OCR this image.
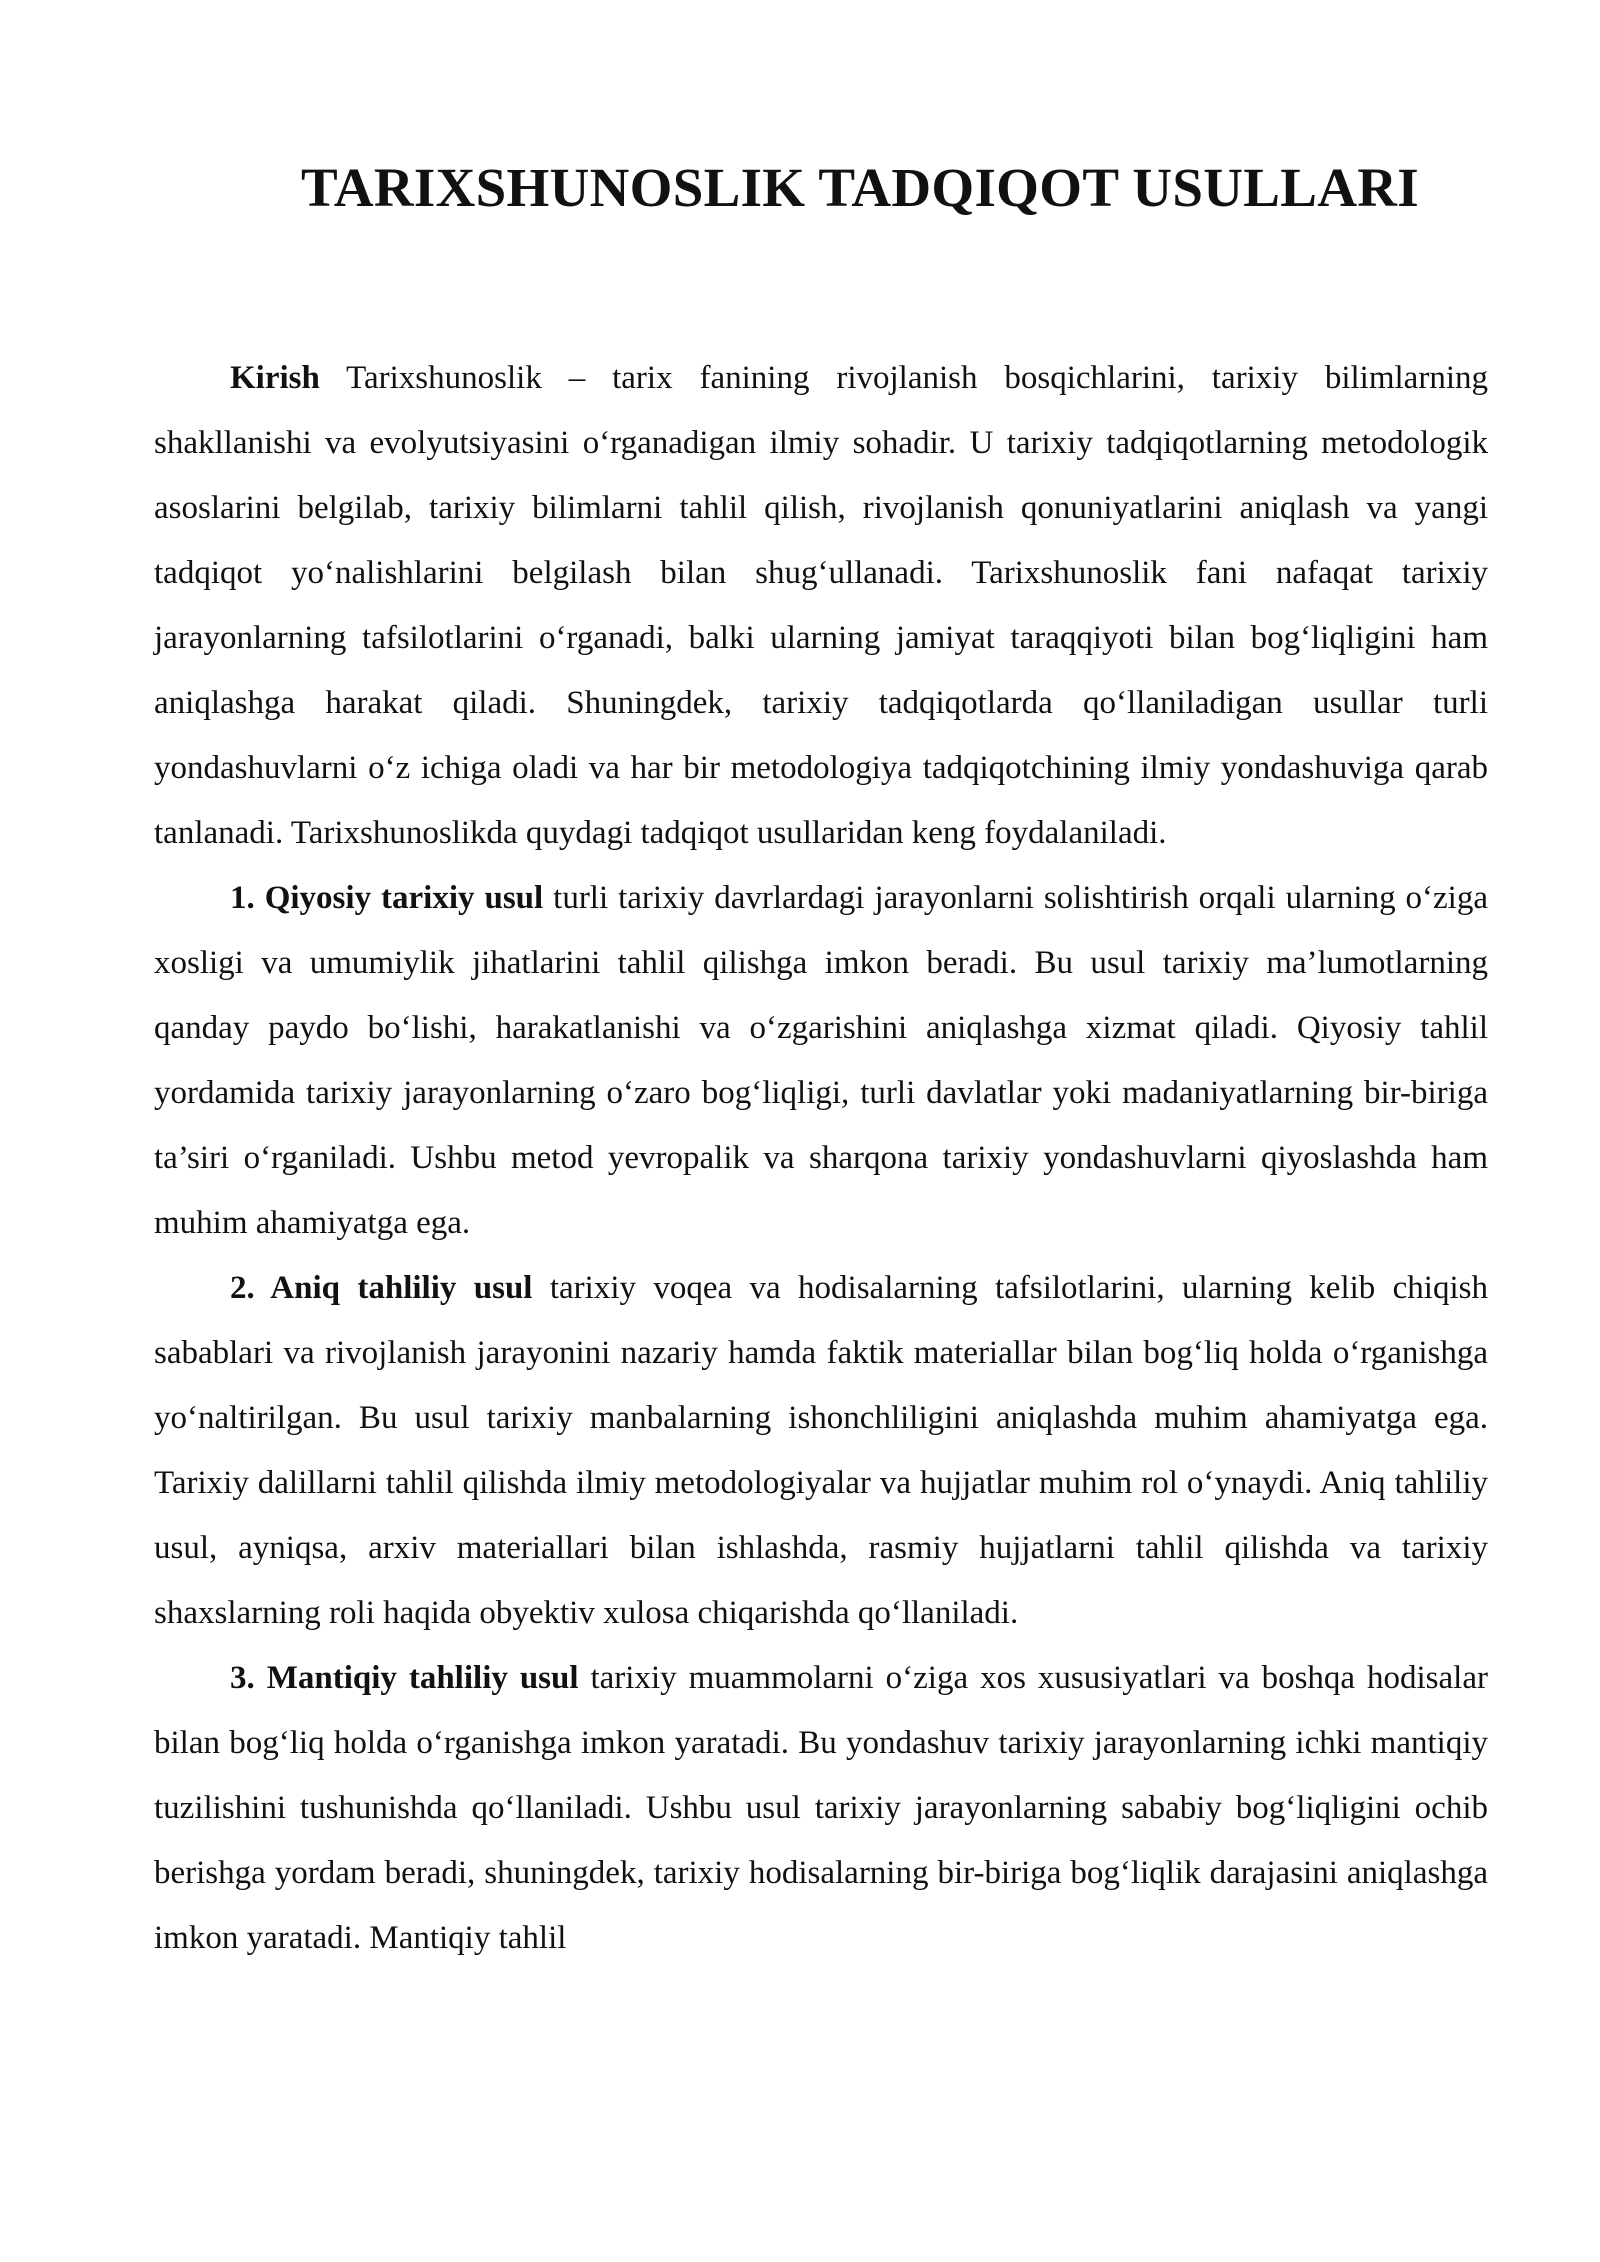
TARIXSHUNOSLIK TADQIQOT USULLARI

Kirish Tarixshunoslik – tarix fanining rivojlanish bosqichlarini, tarixiy bilimlarning shakllanishi va evolyutsiyasini o‘rganadigan ilmiy sohadir. U tarixiy tadqiqotlarning metodologik asoslarini belgilab, tarixiy bilimlarni tahlil qilish, rivojlanish qonuniyatlarini aniqlash va yangi tadqiqot yo‘nalishlarini belgilash bilan shug‘ullanadi. Tarixshunoslik fani nafaqat tarixiy jarayonlarning tafsilotlarini o‘rganadi, balki ularning jamiyat taraqqiyoti bilan bog‘liqligini ham aniqlashga harakat qiladi. Shuningdek, tarixiy tadqiqotlarda qo‘llaniladigan usullar turli yondashuvlarni o‘z ichiga oladi va har bir metodologiya tadqiqotchining ilmiy yondashuviga qarab tanlanadi. Tarixshunoslikda quydagi tadqiqot usullaridan keng foydalaniladi.

1. Qiyosiy tarixiy usul turli tarixiy davrlardagi jarayonlarni solishtirish orqali ularning o‘ziga xosligi va umumiylik jihatlarini tahlil qilishga imkon beradi. Bu usul tarixiy ma’lumotlarning qanday paydo bo‘lishi, harakatlanishi va o‘zgarishini aniqlashga xizmat qiladi. Qiyosiy tahlil yordamida tarixiy jarayonlarning o‘zaro bog‘liqligi, turli davlatlar yoki madaniyatlarning bir-biriga ta’siri o‘rganiladi. Ushbu metod yevropalik va sharqona tarixiy yondashuvlarni qiyoslashda ham muhim ahamiyatga ega.

2. Aniq tahliliy usul tarixiy voqea va hodisalarning tafsilotlarini, ularning kelib chiqish sabablari va rivojlanish jarayonini nazariy hamda faktik materiallar bilan bog‘liq holda o‘rganishga yo‘naltirilgan. Bu usul tarixiy manbalarning ishonchliligini aniqlashda muhim ahamiyatga ega. Tarixiy dalillarni tahlil qilishda ilmiy metodologiyalar va hujjatlar muhim rol o‘ynaydi. Aniq tahliliy usul, ayniqsa, arxiv materiallari bilan ishlashda, rasmiy hujjatlarni tahlil qilishda va tarixiy shaxslarning roli haqida obyektiv xulosa chiqarishda qo‘llaniladi.

3. Mantiqiy tahliliy usul tarixiy muammolarni o‘ziga xos xususiyatlari va boshqa hodisalar bilan bog‘liq holda o‘rganishga imkon yaratadi. Bu yondashuv tarixiy jarayonlarning ichki mantiqiy tuzilishini tushunishda qo‘llaniladi. Ushbu usul tarixiy jarayonlarning sababiy bog‘liqligini ochib berishga yordam beradi, shuningdek, tarixiy hodisalarning bir-biriga bog‘liqlik darajasini aniqlashga imkon yaratadi. Mantiqiy tahlil
